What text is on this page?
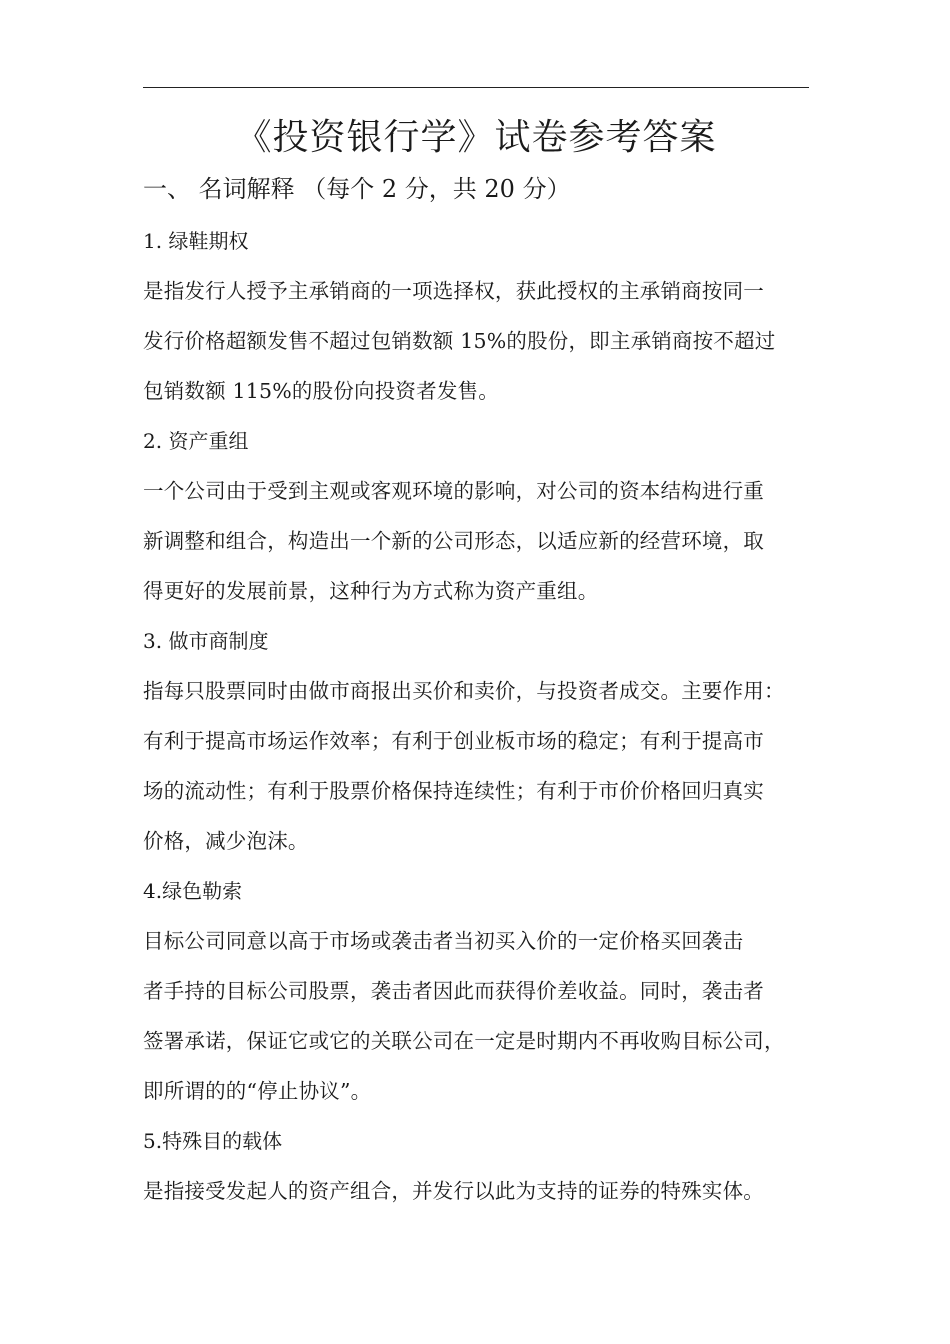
《投资银行学》试卷参考答案
一、 名词解释 （每个 2 分，共 20 分）

1. 绿鞋期权

是指发行人授予主承销商的一项选择权，获此授权的主承销商按同一

发行价格超额发售不超过包销数额 15%的股份，即主承销商按不超过

包销数额 115%的股份向投资者发售。

2. 资产重组

一个公司由于受到主观或客观环境的影响，对公司的资本结构进行重

新调整和组合，构造出一个新的公司形态，以适应新的经营环境，取

得更好的发展前景，这种行为方式称为资产重组。

3. 做市商制度

指每只股票同时由做市商报出买价和卖价，与投资者成交。主要作用：

有利于提高市场运作效率；有利于创业板市场的稳定；有利于提高市

场的流动性；有利于股票价格保持连续性；有利于市价价格回归真实

价格，减少泡沫。

4.绿色勒索

目标公司同意以高于市场或袭击者当初买入价的一定价格买回袭击

者手持的目标公司股票，袭击者因此而获得价差收益。同时，袭击者

签署承诺，保证它或它的关联公司在一定是时期内不再收购目标公司，

即所谓的的“停止协议”。

5.特殊目的载体

是指接受发起人的资产组合，并发行以此为支持的证券的特殊实体。
